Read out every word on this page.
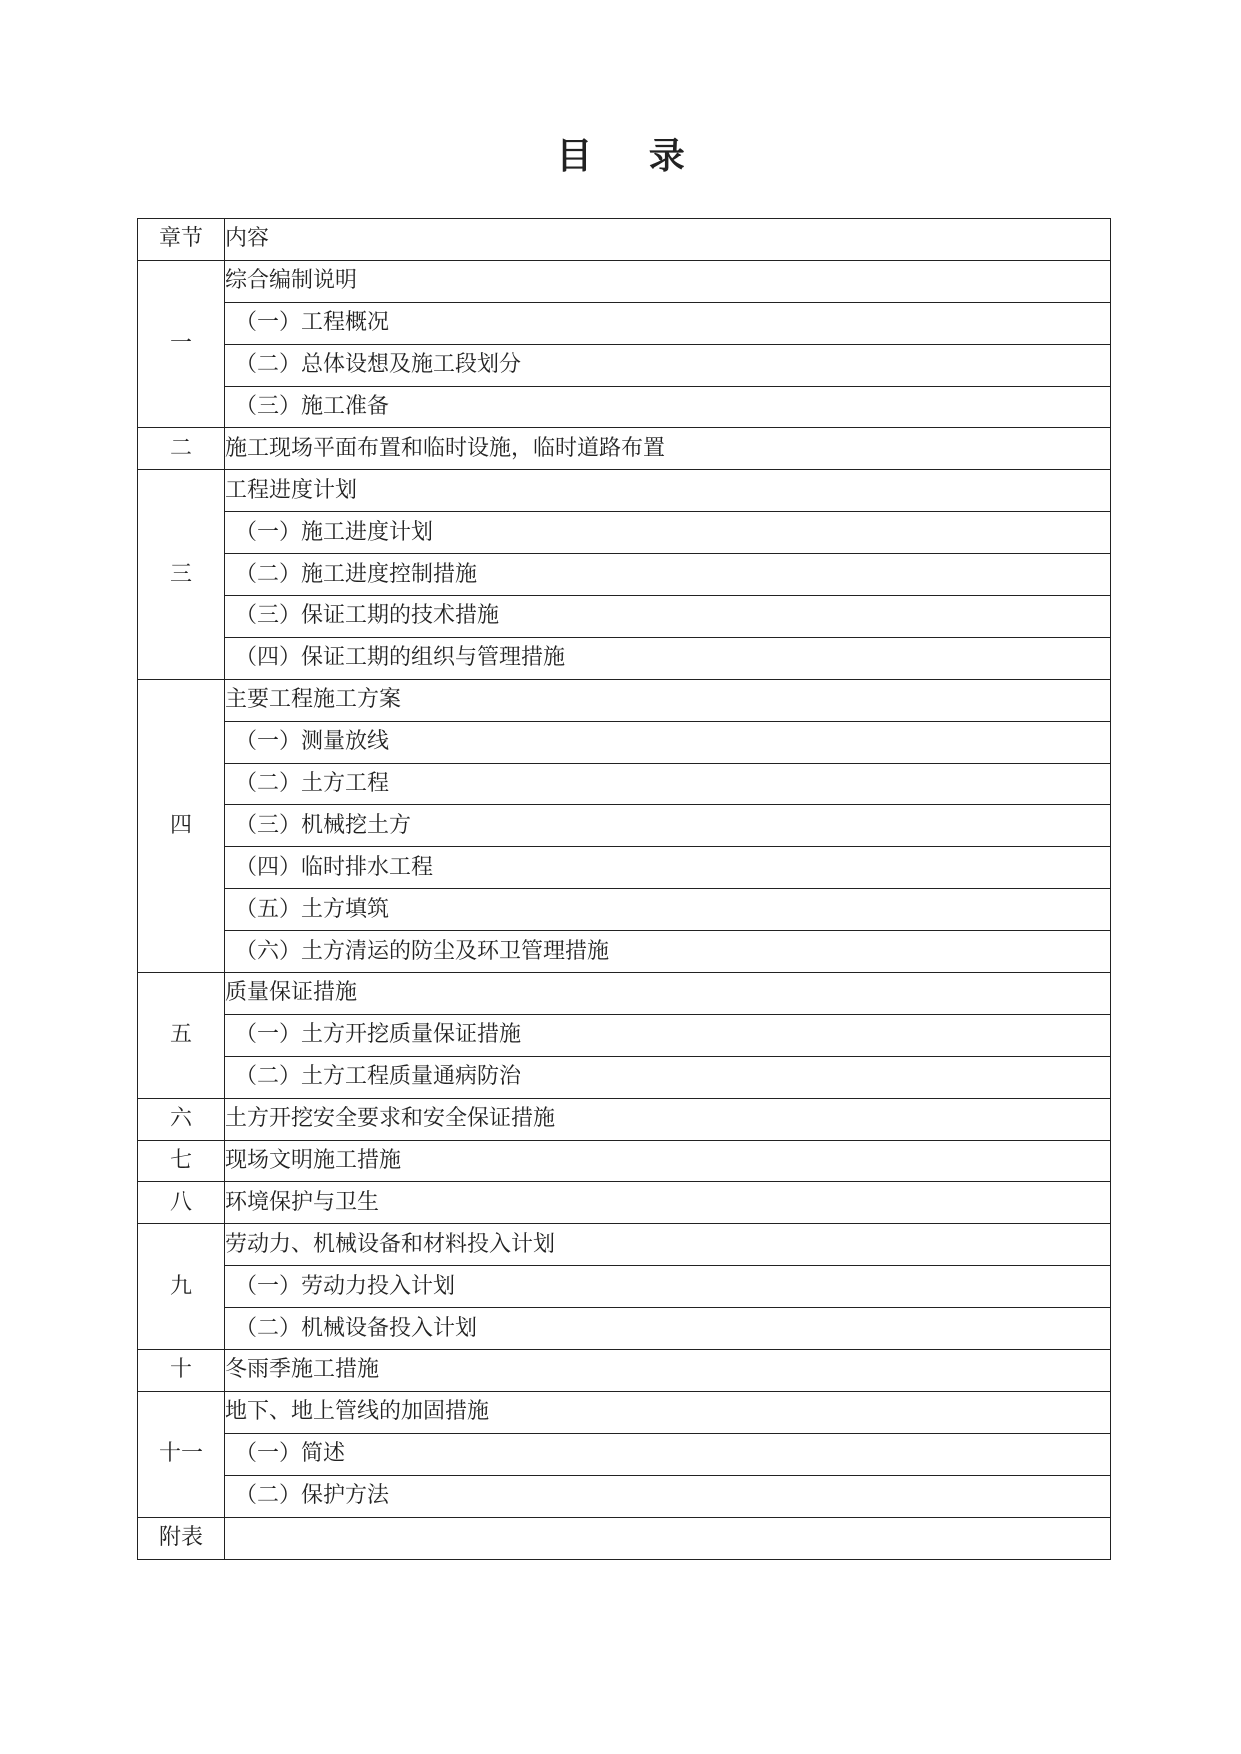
目 录
章节	内容
一	综合编制说明
	（一）工程概况
	（二）总体设想及施工段划分
	（三）施工准备
二	施工现场平面布置和临时设施，临时道路布置
三	工程进度计划
	（一）施工进度计划
	（二）施工进度控制措施
	（三）保证工期的技术措施
	（四）保证工期的组织与管理措施
四	主要工程施工方案
	（一）测量放线
	（二）土方工程
	（三）机械挖土方
	（四）临时排水工程
	（五）土方填筑
	（六）土方清运的防尘及环卫管理措施
五	质量保证措施
	（一）土方开挖质量保证措施
	（二）土方工程质量通病防治
六	土方开挖安全要求和安全保证措施
七	现场文明施工措施
八	环境保护与卫生
九	劳动力、机械设备和材料投入计划
	（一）劳动力投入计划
	（二）机械设备投入计划
十	冬雨季施工措施
十一	地下、地上管线的加固措施
	（一）简述
	（二）保护方法
附表	
